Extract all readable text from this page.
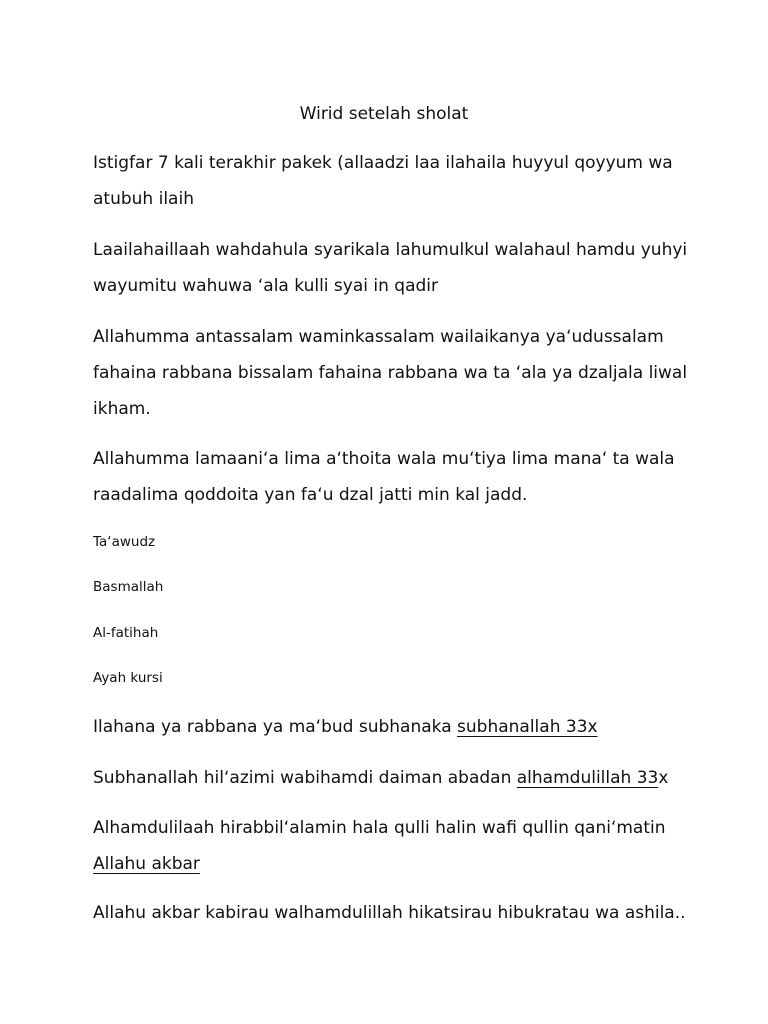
Wirid setelah sholat

Istigfar 7 kali terakhir pakek (allaadzi laa ilahaila huyyul qoyyum wa atubuh ilaih

Laailahaillaah wahdahula syarikala lahumulkul walahaul hamdu yuhyi wayumitu wahuwa ‘ala kulli syai in qadir

Allahumma antassalam waminkassalam wailaikanya ya‘udussalam fahaina rabbana bissalam fahaina rabbana wa ta ‘ala ya dzaljala liwal ikham.

Allahumma lamaani‘a lima a‘thoita wala mu‘tiya lima mana‘ ta wala raadalima qoddoita yan fa‘u dzal jatti min kal jadd.

Ta‘awudz

Basmallah

Al-fatihah

Ayah kursi

Ilahana ya rabbana ya ma‘bud subhanaka subhanallah 33x

Subhanallah hil‘azimi wabihamdi daiman abadan alhamdulillah 33x

Alhamdulilaah hirabbil‘alamin hala qulli halin wafi qullin qani‘matin Allahu akbar

Allahu akbar kabirau walhamdulillah hikatsirau hibukratau wa ashila..
